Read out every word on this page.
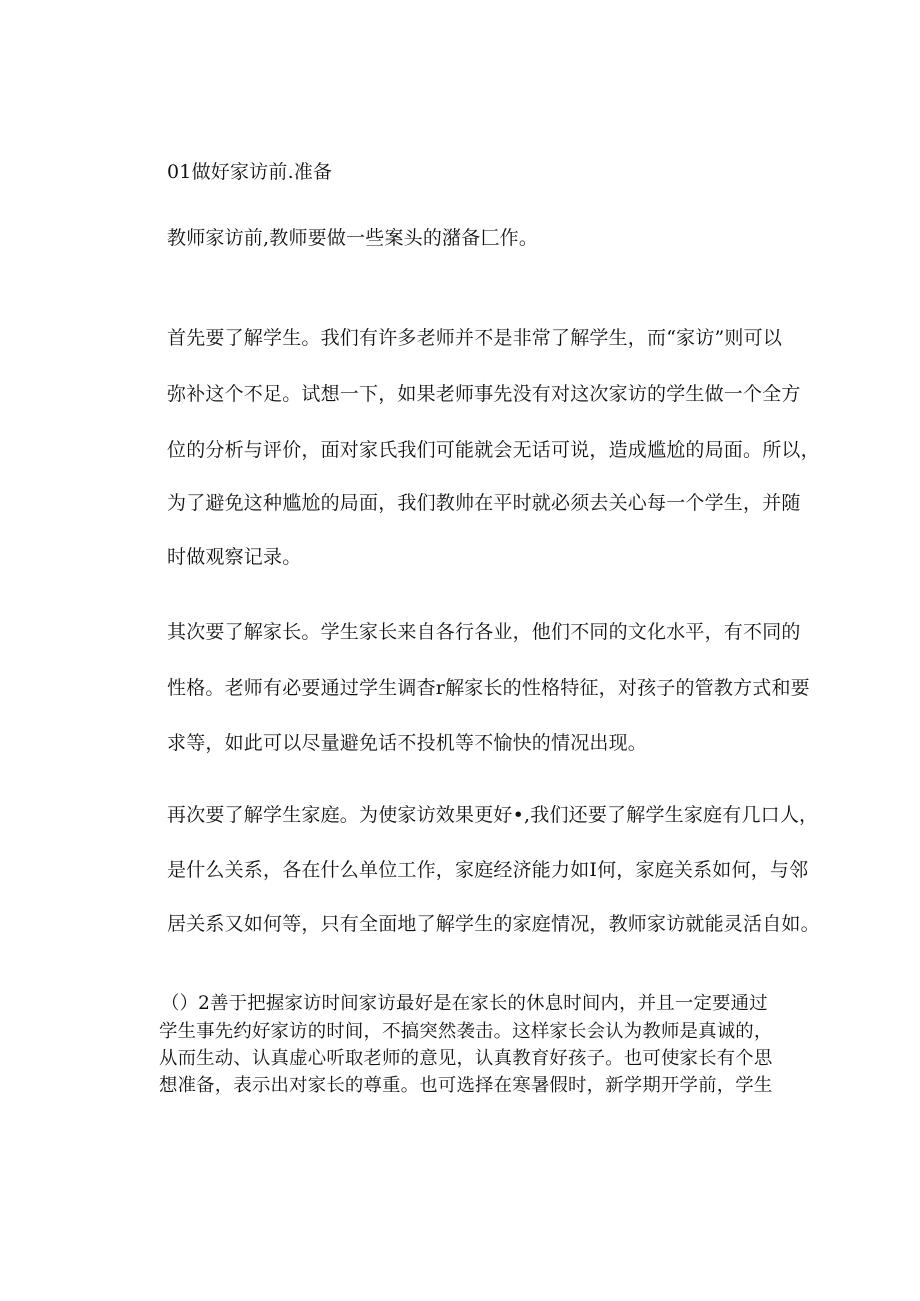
01做好家访前.准备
教师家访前,教师要做一些案头的潴备匚作。
首先要了解学生。我们有许多老师并不是非常了解学生，而“家访”则可以
弥补这个不足。试想一下，如果老师事先没有对这次家访的学生做一个全方
位的分析与评价，面对家氏我们可能就会无话可说，造成尴尬的局面。所以，
为了避免这种尴尬的局面，我们教帅在平时就必须去关心每一个学生，并随
时做观察记录。
其次要了解家长。学生家长来自各行各业，他们不同的文化水平，有不同的
性格。老师有必要通过学生调杳r解家长的性格特征，对孩子的管教方式和要
求等，如此可以尽量避免话不投机等不愉快的情况出现。
再次要了解学生家庭。为使家访效果更好•,我们还要了解学生家庭有几口人，
是什么关系，各在什么单位工作，家庭经济能力如I何，家庭关系如何，与邻
居关系又如何等，只有全面地了解学生的家庭情况，教师家访就能灵活自如。
（）2善于把握家访时间家访最好是在家长的休息时间内，并且一定要通过
学生事先约好家访的时间，不搞突然袭击。这样家长会认为教师是真诚的，
从而生动、认真虚心听取老师的意见，认真教育好孩子。也可使家长有个思
想准备，表示出对家长的尊重。也可选择在寒暑假时，新学期开学前，学生
